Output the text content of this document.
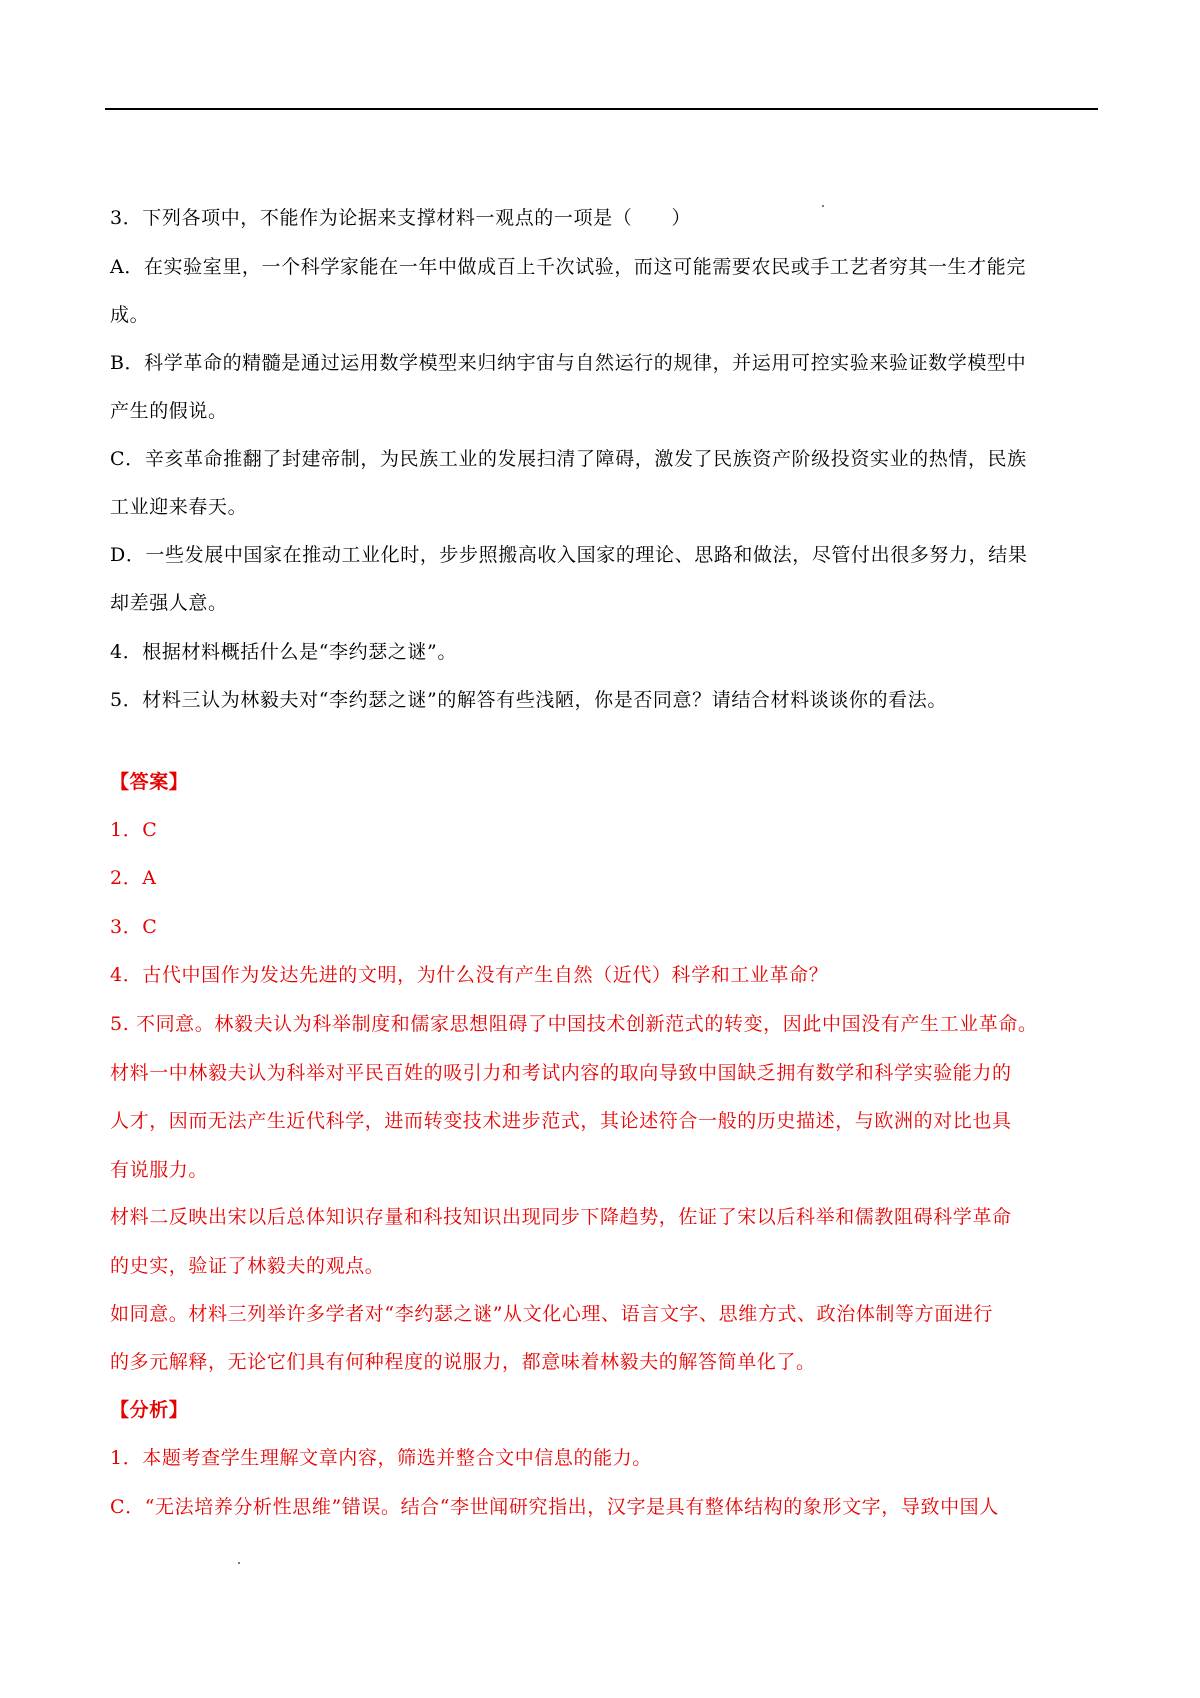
3．下列各项中，不能作为论据来支撑材料一观点的一项是（　　）
A．在实验室里，一个科学家能在一年中做成百上千次试验，而这可能需要农民或手工艺者穷其一生才能完
成。
B．科学革命的精髓是通过运用数学模型来归纳宇宙与自然运行的规律，并运用可控实验来验证数学模型中
产生的假说。
C．辛亥革命推翻了封建帝制，为民族工业的发展扫清了障碍，激发了民族资产阶级投资实业的热情，民族
工业迎来春天。
D．一些发展中国家在推动工业化时，步步照搬高收入国家的理论、思路和做法，尽管付出很多努力，结果
却差强人意。
4．根据材料概括什么是“李约瑟之谜”。
5．材料三认为林毅夫对“李约瑟之谜”的解答有些浅陋，你是否同意？请结合材料谈谈你的看法。
【答案】
1．C
2．A
3．C
4．古代中国作为发达先进的文明，为什么没有产生自然（近代）科学和工业革命？
5. 不同意。林毅夫认为科举制度和儒家思想阻碍了中国技术创新范式的转变，因此中国没有产生工业革命。
材料一中林毅夫认为科举对平民百姓的吸引力和考试内容的取向导致中国缺乏拥有数学和科学实验能力的
人才，因而无法产生近代科学，进而转变技术进步范式，其论述符合一般的历史描述，与欧洲的对比也具
有说服力。
材料二反映出宋以后总体知识存量和科技知识出现同步下降趋势，佐证了宋以后科举和儒教阻碍科学革命
的史实，验证了林毅夫的观点。
如同意。材料三列举许多学者对“李约瑟之谜”从文化心理、语言文字、思维方式、政治体制等方面进行
的多元解释，无论它们具有何种程度的说服力，都意味着林毅夫的解答简单化了。
【分析】
1．本题考查学生理解文章内容，筛选并整合文中信息的能力。
C．“无法培养分析性思维”错误。结合“李世闻研究指出，汉字是具有整体结构的象形文字，导致中国人
